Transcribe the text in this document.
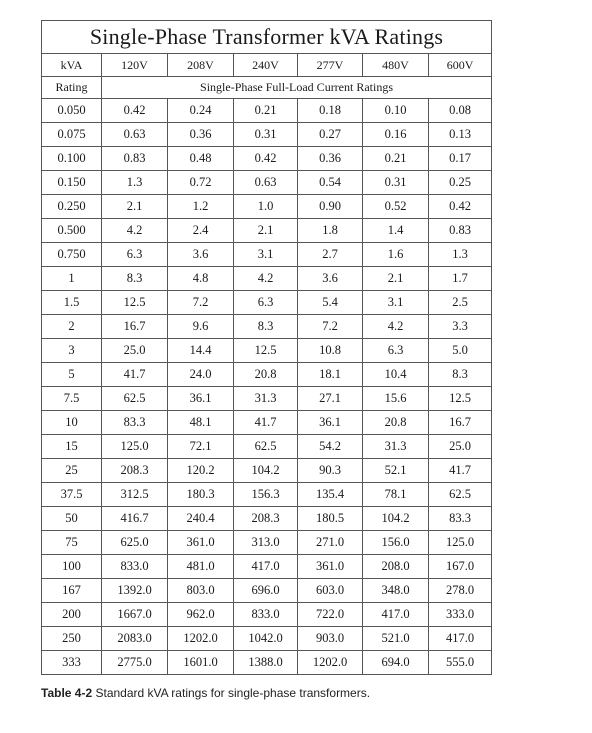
Single-Phase Transformer kVA Ratings						
kVA	120V	208V	240V	277V	480V	600V
Rating	Single-Phase Full-Load Current Ratings					
0.050	0.42	0.24	0.21	0.18	0.10	0.08
0.075	0.63	0.36	0.31	0.27	0.16	0.13
0.100	0.83	0.48	0.42	0.36	0.21	0.17
0.150	1.3	0.72	0.63	0.54	0.31	0.25
0.250	2.1	1.2	1.0	0.90	0.52	0.42
0.500	4.2	2.4	2.1	1.8	1.4	0.83
0.750	6.3	3.6	3.1	2.7	1.6	1.3
1	8.3	4.8	4.2	3.6	2.1	1.7
1.5	12.5	7.2	6.3	5.4	3.1	2.5
2	16.7	9.6	8.3	7.2	4.2	3.3
3	25.0	14.4	12.5	10.8	6.3	5.0
5	41.7	24.0	20.8	18.1	10.4	8.3
7.5	62.5	36.1	31.3	27.1	15.6	12.5
10	83.3	48.1	41.7	36.1	20.8	16.7
15	125.0	72.1	62.5	54.2	31.3	25.0
25	208.3	120.2	104.2	90.3	52.1	41.7
37.5	312.5	180.3	156.3	135.4	78.1	62.5
50	416.7	240.4	208.3	180.5	104.2	83.3
75	625.0	361.0	313.0	271.0	156.0	125.0
100	833.0	481.0	417.0	361.0	208.0	167.0
167	1392.0	803.0	696.0	603.0	348.0	278.0
200	1667.0	962.0	833.0	722.0	417.0	333.0
250	2083.0	1202.0	1042.0	903.0	521.0	417.0
333	2775.0	1601.0	1388.0	1202.0	694.0	555.0
Table 4-2 Standard kVA ratings for single-phase transformers.
